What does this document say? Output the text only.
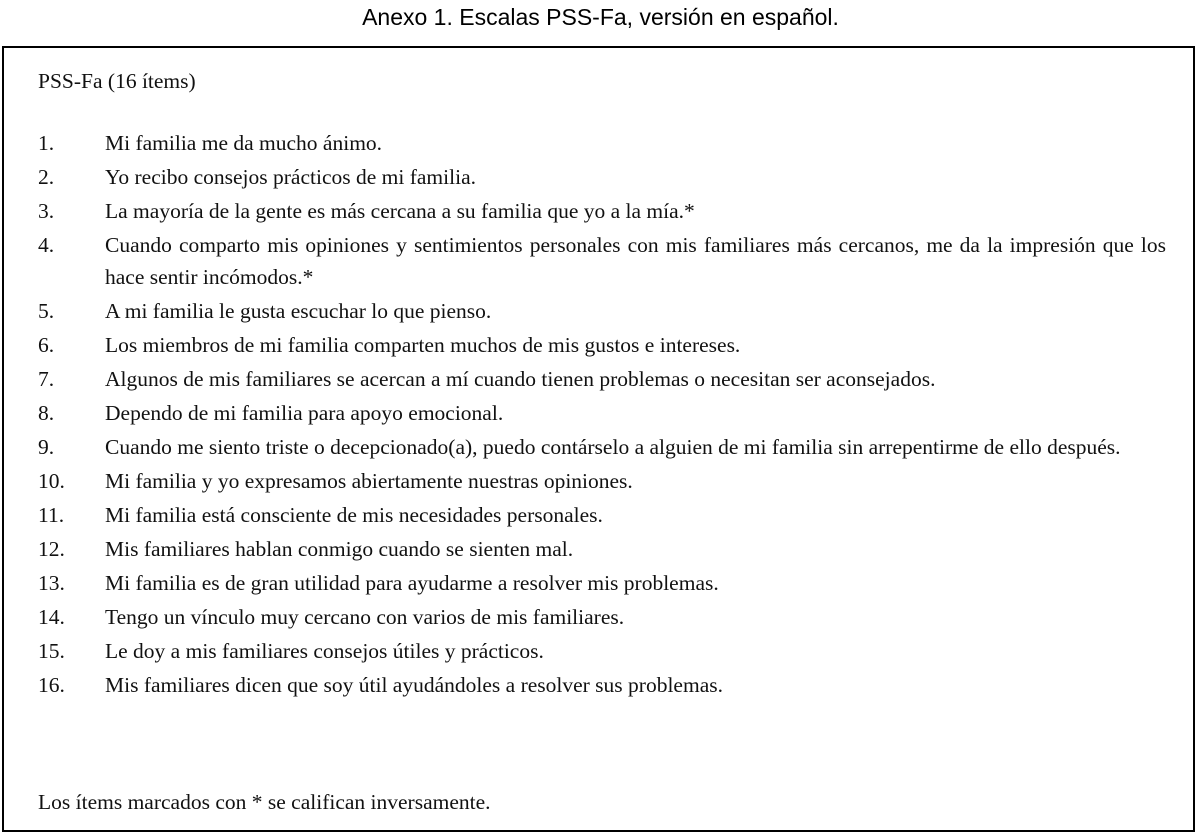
Anexo 1. Escalas PSS-Fa, versión en español.
PSS-Fa (16 ítems)
1.	Mi familia me da mucho ánimo.
2.	Yo recibo consejos prácticos de mi familia.
3.	La mayoría de la gente es más cercana a su familia que yo a la mía.*
4.	Cuando comparto mis opiniones y sentimientos personales con mis familiares más cercanos, me da la impresión que los hace sentir incómodos.*
5.	A mi familia le gusta escuchar lo que pienso.
6.	Los miembros de mi familia comparten muchos de mis gustos e intereses.
7.	Algunos de mis familiares se acercan a mí cuando tienen problemas o necesitan ser aconsejados.
8.	Dependo de mi familia para apoyo emocional.
9.	Cuando me siento triste o decepcionado(a), puedo contárselo a alguien de mi familia sin arrepentirme de ello después.
10.	Mi familia y yo expresamos abiertamente nuestras opiniones.
11.	Mi familia está consciente de mis necesidades personales.
12.	Mis familiares hablan conmigo cuando se sienten mal.
13.	Mi familia es de gran utilidad para ayudarme a resolver mis problemas.
14.	Tengo un vínculo muy cercano con varios de mis familiares.
15.	Le doy a mis familiares consejos útiles y prácticos.
16.	Mis familiares dicen que soy útil ayudándoles a resolver sus problemas.
Los ítems marcados con * se califican inversamente.
